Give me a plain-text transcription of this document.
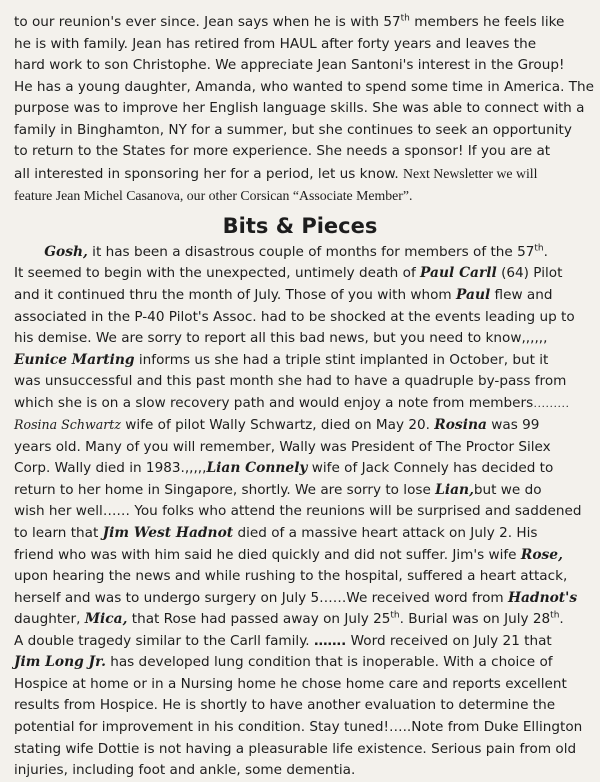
to our reunion's ever since. Jean says when he is with 57th members he feels like
he is with family. Jean has retired from HAUL after forty years and leaves the
hard work to son Christophe. We appreciate Jean Santoni's interest in the Group!
He has a young daughter, Amanda, who wanted to spend some time in America. The
purpose was to improve her English language skills. She was able to connect with a
family in Binghamton, NY for a summer, but she continues to seek an opportunity
to return to the States for more experience. She needs a sponsor! If you are at
all interested in sponsoring her for a period, let us know. Next Newsletter we will
feature Jean Michel Casanova, our other Corsican “Associate Member”.
Bits & Pieces
Gosh, it has been a disastrous couple of months for members of the 57th.
It seemed to begin with the unexpected, untimely death of Paul Carll (64) Pilot
and it continued thru the month of July. Those of you with whom Paul flew and
associated in the P-40 Pilot's Assoc. had to be shocked at the events leading up to
his demise. We are sorry to report all this bad news, but you need to know,,,,,,
Eunice Marting informs us she had a triple stint implanted in October, but it
was unsuccessful and this past month she had to have a quadruple by-pass from
which she is on a slow recovery path and would enjoy a note from members………
Rosina Schwartz wife of pilot Wally Schwartz, died on May 20. Rosina was 99
years old. Many of you will remember, Wally was President of The Proctor Silex
Corp. Wally died in 1983.,,,,,Lian Connely wife of Jack Connely has decided to
return to her home in Singapore, shortly. We are sorry to lose Lian,but we do
wish her well…… You folks who attend the reunions will be surprised and saddened
to learn that Jim West Hadnot died of a massive heart attack on July 2. His
friend who was with him said he died quickly and did not suffer. Jim's wife Rose,
upon hearing the news and while rushing to the hospital, suffered a heart attack,
herself and was to undergo surgery on July 5……We received word from Hadnot's
daughter, Mica, that Rose had passed away on July 25th. Burial was on July 28th.
A double tragedy similar to the Carll family. ……. Word received on July 21 that
Jim Long Jr. has developed lung condition that is inoperable. With a choice of
Hospice at home or in a Nursing home he chose home care and reports excellent
results from Hospice. He is shortly to have another evaluation to determine the
potential for improvement in his condition. Stay tuned!…..Note from Duke Ellington
stating wife Dottie is not having a pleasurable life existence. Serious pain from old
injuries, including foot and ankle, some dementia.
